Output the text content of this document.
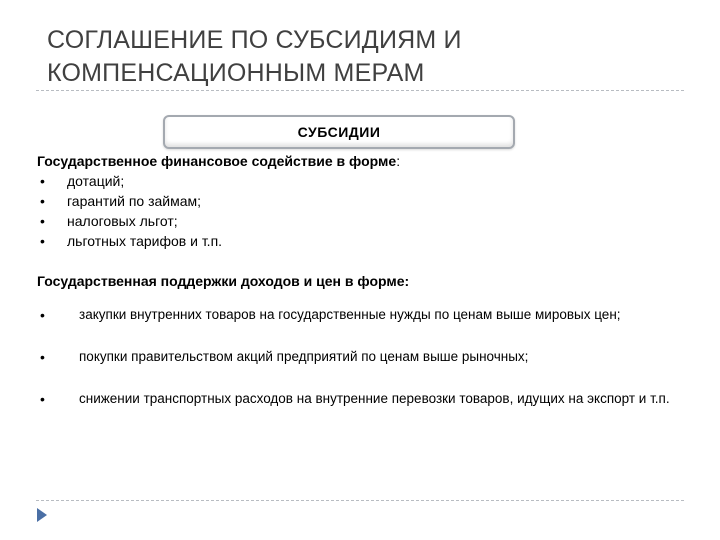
СОГЛАШЕНИЕ ПО СУБСИДИЯМ И КОМПЕНСАЦИОННЫМ МЕРАМ
СУБСИДИИ

Государственное финансовое содействие в форме:

• дотаций;
• гарантий по займам;
• налоговых льгот;
• льготных тарифов и т.п.

Государственная поддержки доходов и цен в форме:

•	закупки внутренних товаров на государственные нужды по ценам выше мировых цен;
•	покупки правительством акций предприятий по ценам выше рыночных;
•	снижении транспортных расходов на внутренние перевозки товаров, идущих на экспорт и т.п.
